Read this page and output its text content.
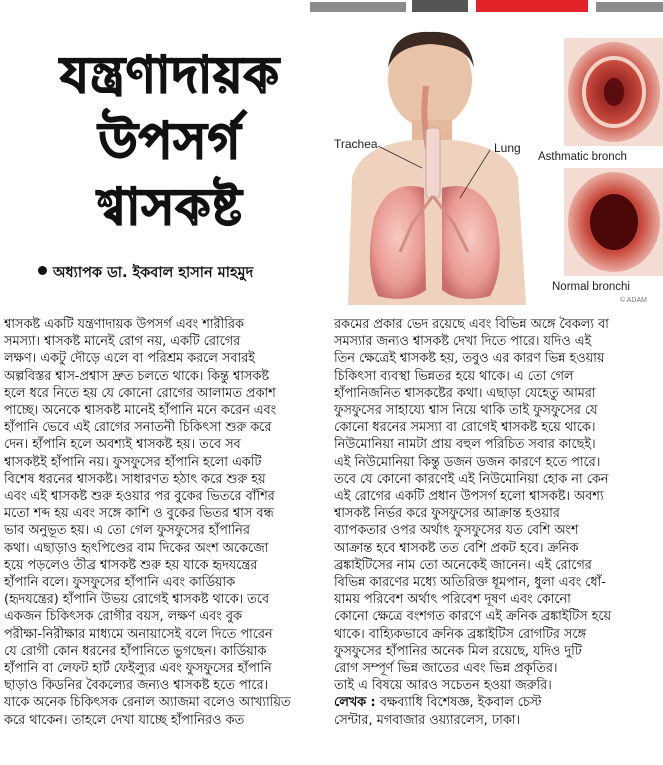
যন্ত্রণাদায়ক
উপসর্গ
শ্বাসকষ্ট
অধ্যাপক ডা. ইকবাল হাসান মাহমুদ
Trachea	Lung
Asthmatic bronch
Normal bronchi
© ADAM
শ্বাসকষ্ট একটি যন্ত্রণাদায়ক উপসর্গ এবং শারীরিক
সমস্যা। শ্বাসকষ্ট মানেই রোগ নয়, একটি রোগের
লক্ষণ। একটু দৌড়ে এলে বা পরিশ্রম করলে সবারই
অল্পবিস্তর শ্বাস-প্রশ্বাস দ্রুত চলতে থাকে। কিন্তু শ্বাসকষ্ট
হলে ধরে নিতে হয় যে কোনো রোগের আলামত প্রকাশ
পাচ্ছে। অনেকে শ্বাসকষ্ট মানেই হাঁপানি মনে করেন এবং
হাঁপানি ভেবে এই রোগের সনাতনী চিকিৎসা শুরু করে
দেন। হাঁপানি হলে অবশ্যই শ্বাসকষ্ট হয়। তবে সব
শ্বাসকষ্টই হাঁপানি নয়। ফুসফুসের হাঁপানি হলো একটি
বিশেষ ধরনের শ্বাসকষ্ট। সাধারণত হঠাৎ করে শুরু হয়
এবং এই শ্বাসকষ্ট শুরু হওয়ার পর বুকের ভিতরে বাঁশির
মতো শব্দ হয় এবং সঙ্গে কাশি ও বুকের ভিতর শ্বাস বন্ধ
ভাব অনুভূত হয়। এ তো গেল ফুসফুসের হাঁপানির
কথা। এছাড়াও হৃৎপিণ্ডের বাম দিকের অংশ অকেজো
হয়ে পড়লেও তীব্র শ্বাসকষ্ট শুরু হয় যাকে হৃদযন্ত্রের
হাঁপানি বলে। ফুসফুসের হাঁপানি এবং কার্ডিয়াক
(হৃদযন্ত্রের) হাঁপানি উভয় রোগেই শ্বাসকষ্ট থাকে। তবে
একজন চিকিৎসক রোগীর বয়স, লক্ষণ এবং বুক
পরীক্ষা-নিরীক্ষার মাধ্যমে অনায়াসেই বলে দিতে পারেন
যে রোগী কোন ধরনের হাঁপানিতে ভুগছেন। কার্ডিয়াক
হাঁপানি বা লেফট হার্ট ফেইল্যুর এবং ফুসফুসের হাঁপানি
ছাড়াও কিডনির বৈকল্যের জন্যও শ্বাসকষ্ট হতে পারে।
যাকে অনেক চিকিৎসক রেনাল অ্যাজমা বলেও আখ্যায়িত
করে থাকেন। তাহলে দেখা যাচ্ছে হাঁপানিরও কত
রকমের প্রকার ভেদ রয়েছে এবং বিভিন্ন অঙ্গে বৈকল্য বা
সমস্যার জন্যও শ্বাসকষ্ট দেখা দিতে পারে। যদিও এই
তিন ক্ষেত্রেই শ্বাসকষ্ট হয়, তবুও এর কারণ ভিন্ন হওয়ায়
চিকিৎসা ব্যবস্থা ভিন্নতর হয়ে থাকে। এ তো গেল
হাঁপানিজনিত শ্বাসকষ্টের কথা। এছাড়া যেহেতু আমরা
ফুসফুসের সাহায্যে শ্বাস নিয়ে থাকি তাই ফুসফুসের যে
কোনো ধরনের সমস্যা বা রোগেই শ্বাসকষ্ট হয়ে থাকে।
নিউমোনিয়া নামটা প্রায় বহুল পরিচিত সবার কাছেই।
এই নিউমোনিয়া কিন্তু ডজন ডজন কারণে হতে পারে।
তবে যে কোনো কারণেই এই নিউমোনিয়া হোক না কেন
এই রোগের একটি প্রধান উপসর্গ হলো শ্বাসকষ্ট। অবশ্য
শ্বাসকষ্ট নির্ভর করে ফুসফুসের আক্রান্ত হওয়ার
ব্যাপকতার ওপর অর্থাৎ ফুসফুসের যত বেশি অংশ
আক্রান্ত হবে শ্বাসকষ্ট তত বেশি প্রকট হবে। ক্রনিক
ব্রঙ্কাইটিসের নাম তো অনেকেই জানেন। এই রোগের
বিভিন্ন কারণের মধ্যে অতিরিক্ত ধূমপান, ধুলা এবং ধোঁ-
য়াময় পরিবেশ অর্থাৎ পরিবেশ দূষণ এবং কোনো
কোনো ক্ষেত্রে বংশগত কারণে এই ক্রনিক ব্রঙ্কাইটিস হয়ে
থাকে। বাহ্যিকভাবে ক্রনিক ব্রঙ্কাইটিস রোগটির সঙ্গে
ফুসফুসের হাঁপানির অনেক মিল রয়েছে, যদিও দুটি
রোগ সম্পূর্ণ ভিন্ন জাতের এবং ভিন্ন প্রকৃতির।
তাই এ বিষয়ে আরও সচেতন হওয়া জরুরি।
লেখক : বক্ষব্যাধি বিশেষজ্ঞ, ইকবাল চেস্ট
সেন্টার, মগবাজার ওয়্যারলেস, ঢাকা।
